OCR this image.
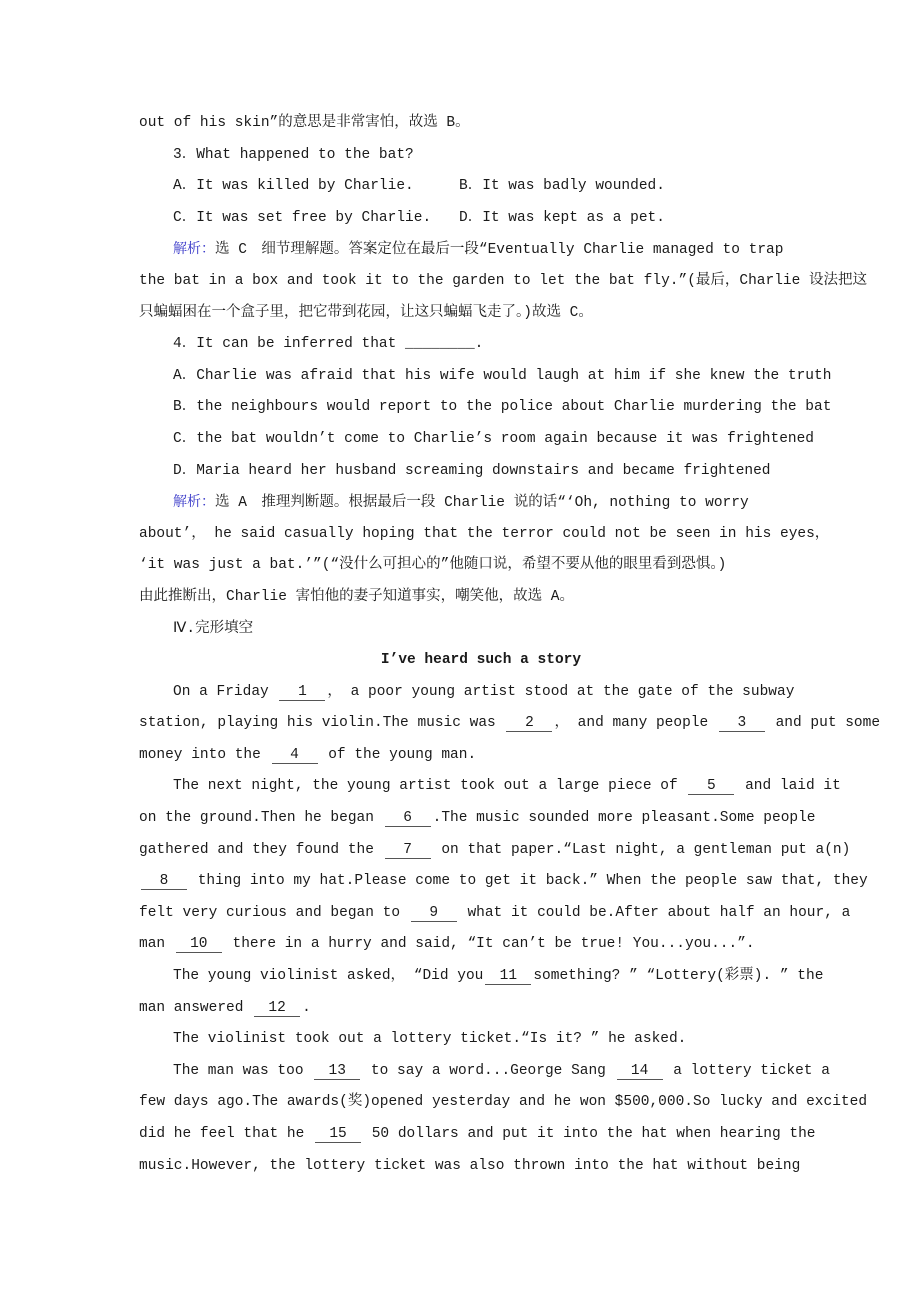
out of his skin”的意思是非常害怕，故选 B。
3．What happened to the bat?
A．It was killed by Charlie.	B．It was badly wounded.
C．It was set free by Charlie. D．It was kept as a pet.
解析：选 C　细节理解题。答案定位在最后一段“Eventually Charlie managed to trap
the bat in a box and took it to the garden to let the bat fly.”(最后，Charlie 设法把这
只蝙蝠困在一个盒子里，把它带到花园，让这只蝙蝠飞走了。)故选 C。
4．It can be inferred that ________.
A．Charlie was afraid that his wife would laugh at him if she knew the truth
B．the neighbours would report to the police about Charlie murdering the bat
C．the bat wouldn’t come to Charlie’s room again because it was frightened
D．Maria heard her husband screaming downstairs and became frightened
解析：选 A　推理判断题。根据最后一段 Charlie 说的话“‘Oh, nothing to worry
about’， he said casually hoping that the terror could not be seen in his eyes，
‘it was just a bat.’”(“没什么可担心的”他随口说，希望不要从他的眼里看到恐惧。)
由此推断出，Charlie 害怕他的妻子知道事实，嘲笑他，故选 A。
Ⅳ.完形填空
I’ve heard such a story
On a Friday 1 ， a poor young artist stood at the gate of the subway
station, playing his violin.The music was 2 ， and many people 3 and put some
money into the 4 of the young man.
The next night, the young artist took out a large piece of 5 and laid it
on the ground.Then he began 6 .The music sounded more pleasant.Some people
gathered and they found the 7 on that paper.“Last night, a gentleman put a(n)
8 thing into my hat.Please come to get it back.” When the people saw that, they
felt very curious and began to 9 what it could be.After about half an hour, a
man 10 there in a hurry and said, “It can’t be true! You...you...”.
The young violinist asked， “Did you 11 something? ” “Lottery(彩票). ” the
man answered 12 .
The violinist took out a lottery ticket.“Is it? ” he asked.
The man was too 13 to say a word...George Sang 14 a lottery ticket a
few days ago.The awards(奖)opened yesterday and he won $500,000.So lucky and excited
did he feel that he 15 50 dollars and put it into the hat when hearing the
music.However, the lottery ticket was also thrown into the hat without being
